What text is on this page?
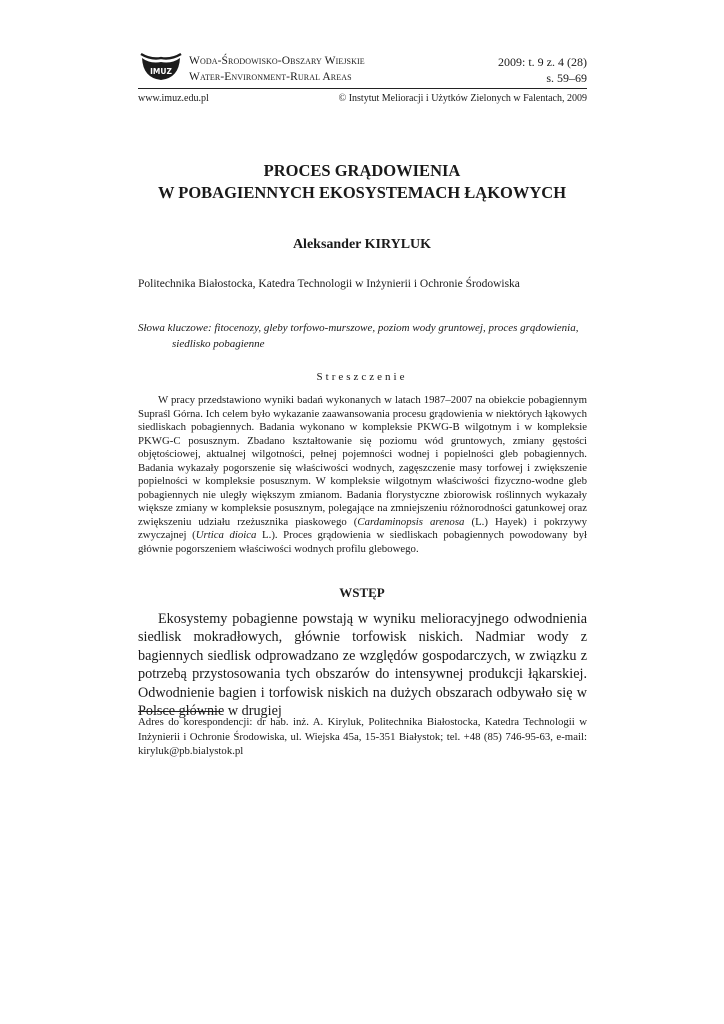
IMUZ
Woda-Środowisko-Obszary Wiejskie
Water-Environment-Rural Areas
2009: t. 9 z. 4 (28)
s. 59–69
www.imuz.edu.pl	© Instytut Melioracji i Użytków Zielonych w Falentach, 2009
PROCES GRĄDOWIENIA
W POBAGIENNYCH EKOSYSTEMACH ŁĄKOWYCH
Aleksander KIRYLUK
Politechnika Białostocka, Katedra Technologii w Inżynierii i Ochronie Środowiska
Słowa kluczowe: fitocenozy, gleby torfowo-murszowe, poziom wody gruntowej, proces grądowienia,
siedlisko pobagienne
Streszczenie

W pracy przedstawiono wyniki badań wykonanych w latach 1987–2007 na obiekcie pobagiennym Supraśl Górna. Ich celem było wykazanie zaawansowania procesu grądowienia w niektórych łąkowych siedliskach pobagiennych. Badania wykonano w kompleksie PKWG-B wilgotnym i w kompleksie PKWG-C posusznym. Zbadano kształtowanie się poziomu wód gruntowych, zmiany gęstości objętościowej, aktualnej wilgotności, pełnej pojemności wodnej i popielności gleb pobagiennych. Badania wykazały pogorszenie się właściwości wodnych, zagęszczenie masy torfowej i zwiększenie popielności w kompleksie posusznym. W kompleksie wilgotnym właściwości fizyczno-wodne gleb pobagiennych nie uległy większym zmianom. Badania florystyczne zbiorowisk roślinnych wykazały większe zmiany w kompleksie posusznym, polegające na zmniejszeniu różnorodności gatunkowej oraz zwiększeniu udziału rzeżusznika piaskowego (Cardaminopsis arenosa (L.) Hayek) i pokrzywy zwyczajnej (Urtica dioica L.). Proces grądowienia w siedliskach pobagiennych powodowany był głównie pogorszeniem właściwości wodnych profilu glebowego.

WSTĘP

Ekosystemy pobagienne powstają w wyniku melioracyjnego odwodnienia siedlisk mokradłowych, głównie torfowisk niskich. Nadmiar wody z bagiennych siedlisk odprowadzano ze względów gospodarczych, w związku z potrzebą przystosowania tych obszarów do intensywnej produkcji łąkarskiej. Odwodnienie bagien i torfowisk niskich na dużych obszarach odbywało się w Polsce głównie w drugiej

Adres do korespondencji: dr hab. inż. A. Kiryluk, Politechnika Białostocka, Katedra Technologii w Inżynierii i Ochronie Środowiska, ul. Wiejska 45a, 15-351 Białystok; tel. +48 (85) 746-95-63, e-mail: kiryluk@pb.bialystok.pl
